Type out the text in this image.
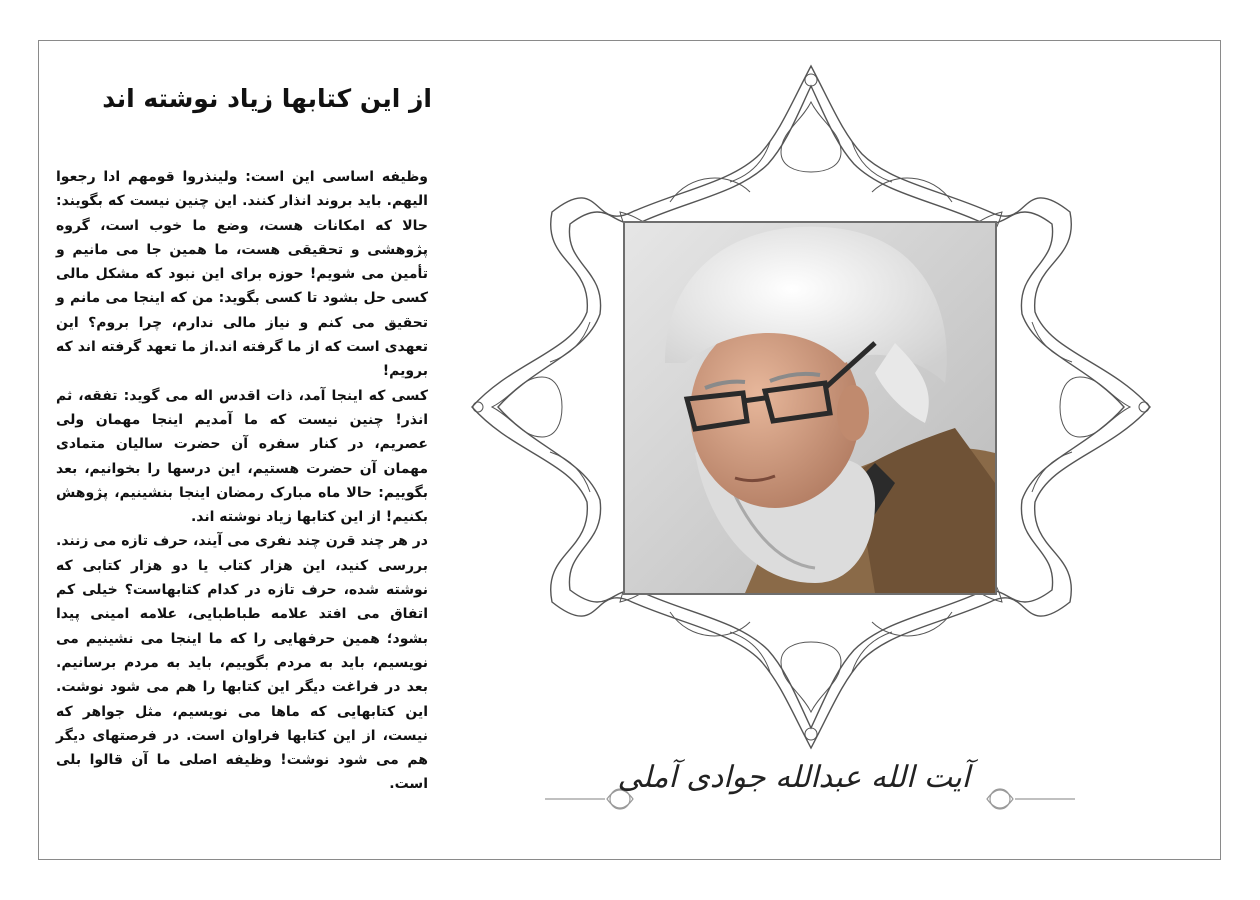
از این کتابها زیاد نوشته اند

وظیفه اساسی این است: ولینذروا قومهم ادا رجعوا الیهم. باید بروند انذار کنند. این چنین نیست که بگویند: حالا که امکانات هست، وضع ما خوب است، گروه پژوهشی و تحقیقی هست، ما همین جا می مانیم و تأمین می شویم! حوزه برای این نبود که مشکل مالی کسی حل بشود تا کسی بگوید: من که اینجا می مانم و تحقیق می کنم و نیاز مالی ندارم، چرا بروم؟ این تعهدی است که از ما گرفته اند.از ما تعهد گرفته اند که برویم!

کسی که اینجا آمد، ذات اقدس اله می گوید: تفقه، ثم انذر! چنین نیست که ما آمدیم اینجا مهمان ولی عصریم، در کنار سفره آن حضرت سالیان متمادی مهمان آن حضرت هستیم، این درسها را بخوانیم، بعد بگوییم: حالا ماه مبارک رمضان اینجا بنشینیم، پژوهش بکنیم! از این کتابها زیاد نوشته اند.

در هر چند قرن چند نفری می آیند، حرف تازه می زنند. بررسی کنید، این هزار کتاب یا دو هزار کتابی که نوشته شده، حرف تازه در کدام کتابهاست؟ خیلی کم اتفاق می افتد علامه طباطبایی، علامه امینی پیدا بشود؛ همین حرفهایی را که ما اینجا می نشینیم می نویسیم، باید به مردم بگوییم، باید به مردم برسانیم. بعد در فراغت دیگر این کتابها را هم می شود نوشت. این کتابهایی که ماها می نویسیم، مثل جواهر که نیست، از این کتابها فراوان است. در فرصتهای دیگر هم می شود نوشت! وظیفه اصلی ما آن قالوا بلی است.	آیت الله عبدالله جوادی آملی
